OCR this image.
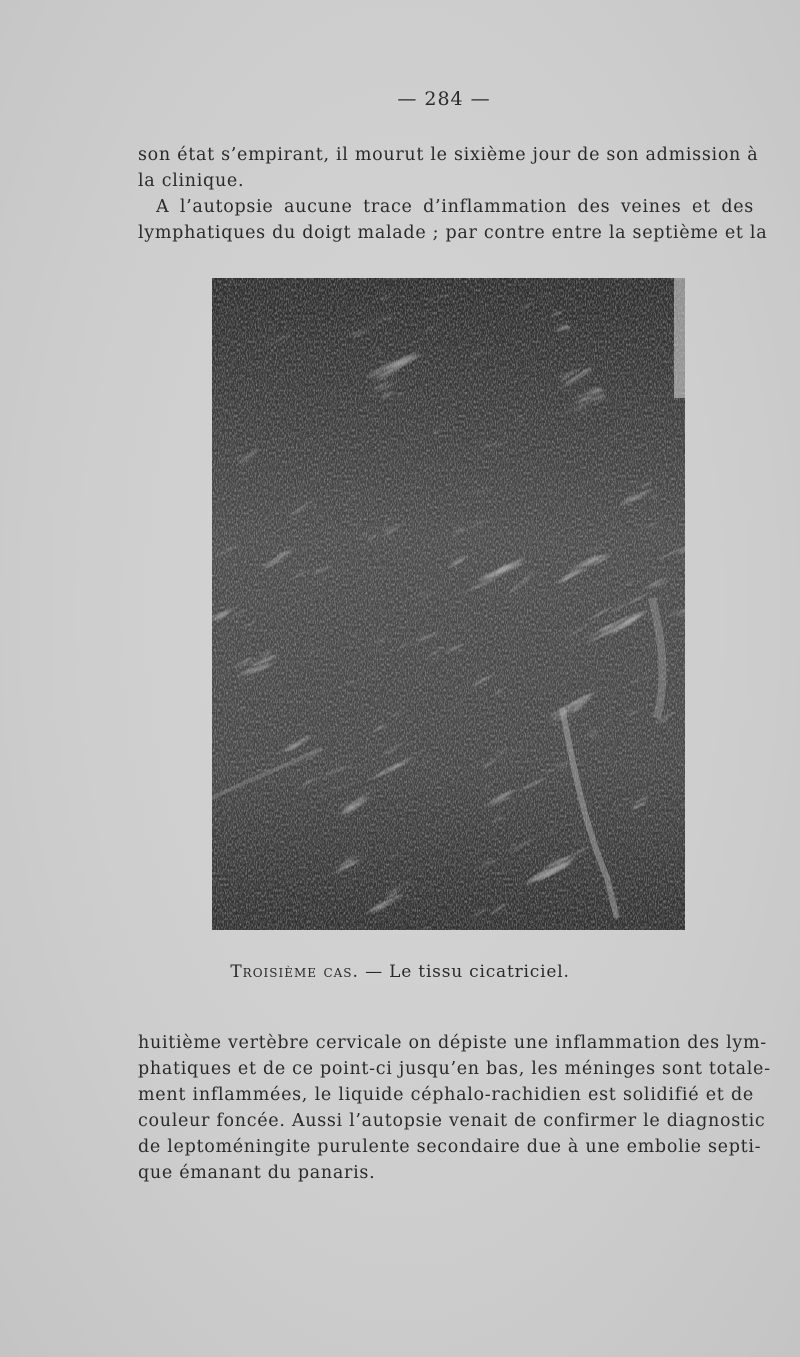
— 284 —

son état s’empirant, il mourut le sixième jour de son admission à
la clinique.

A l’autopsie aucune trace d’inflammation des veines et des
lymphatiques du doigt malade ; par contre entre la septième et la

Troisième cas. — Le tissu cicatriciel.

huitième vertèbre cervicale on dépiste une inflammation des lym-
phatiques et de ce point-ci jusqu’en bas, les méninges sont totale-
ment inflammées, le liquide céphalo-rachidien est solidifié et de
couleur foncée. Aussi l’autopsie venait de confirmer le diagnostic
de leptoméningite purulente secondaire due à une embolie septi-
que émanant du panaris.
